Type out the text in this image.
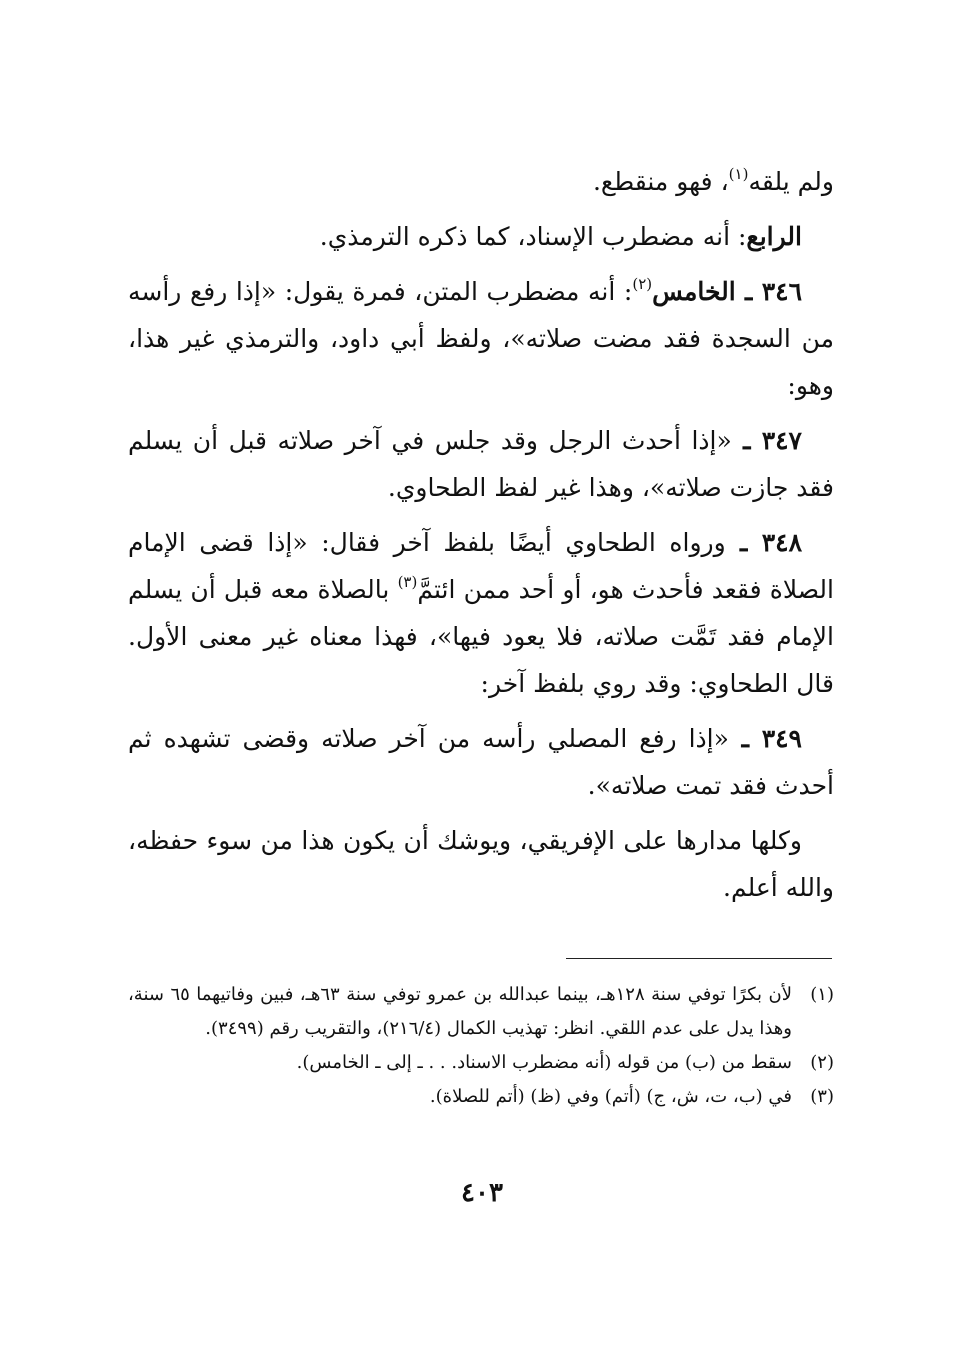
ولم يلقه$^{(١)}$، فهو منقطع.

الرابع: أنه مضطرب الإسناد، كما ذكره الترمذي.

٣٤٦ ـ الخامس$^{(٢)}$: أنه مضطرب المتن، فمرة يقول: «إذا رفع رأسه من السجدة فقد مضت صلاته»، ولفظ أبي داود، والترمذي غير هذا، وهو:

٣٤٧ ـ «إذا أحدث الرجل وقد جلس في آخر صلاته قبل أن يسلم فقد جازت صلاته»، وهذا غير لفظ الطحاوي.

٣٤٨ ـ ورواه الطحاوي أيضًا بلفظ آخر فقال: «إذا قضى الإمام الصلاة فقعد فأحدث هو، أو أحد ممن ائتمَّ$^{(٣)}$ بالصلاة معه قبل أن يسلم الإمام فقد تَمَّت صلاته، فلا يعود فيها»، فهذا معناه غير معنى الأول. قال الطحاوي: وقد روي بلفظ آخر:

٣٤٩ ـ «إذا رفع المصلي رأسه من آخر صلاته وقضى تشهده ثم أحدث فقد تمت صلاته».

وكلها مدارها على الإفريقي، ويوشك أن يكون هذا من سوء حفظه، والله أعلم.

(١)
لأن بكرًا توفي سنة ١٢٨هـ، بينما عبدالله بن عمرو توفي سنة ٦٣هـ، فبين وفاتيهما ٦٥ سنة، وهذا يدل على عدم اللقي. انظر: تهذيب الكمال (٢١٦/٤)، والتقريب رقم (٣٤٩٩).
(٢)
سقط من (ب) من قوله (أنه مضطرب الاسناد. . . ـ إلى ـ الخامس).
(٣)
في (ب، ت، ش، ج) (أتم) وفي (ظ) (أتم للصلاة).
٤٠٣
